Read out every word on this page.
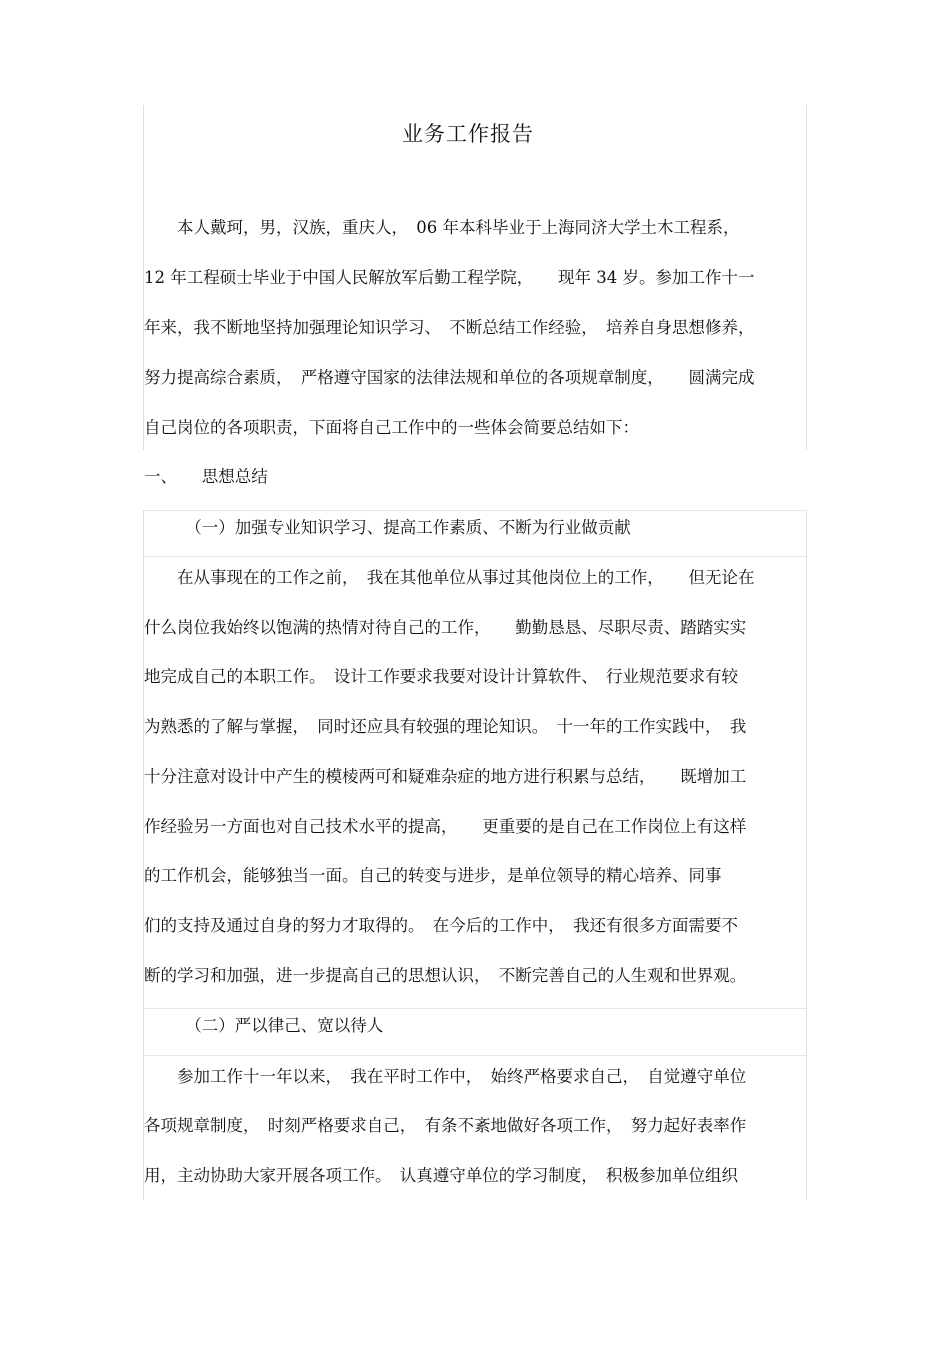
业务工作报告
　　本人戴珂，男，汉族，重庆人，　06 年本科毕业于上海同济大学土木工程系，
12 年工程硕士毕业于中国人民解放军后勤工程学院，　　现年 34 岁。参加工作十一
年来，我不断地坚持加强理论知识学习、　不断总结工作经验，　培养自身思想修养，
努力提高综合素质，　严格遵守国家的法律法规和单位的各项规章制度，　　圆满完成
自己岗位的各项职责，下面将自己工作中的一些体会简要总结如下：
一、　　思想总结
　　　（一）加强专业知识学习、提高工作素质、不断为行业做贡献
　　在从事现在的工作之前，　我在其他单位从事过其他岗位上的工作，　　但无论在
什么岗位我始终以饱满的热情对待自己的工作，　　勤勤恳恳、尽职尽责、踏踏实实
地完成自己的本职工作。　设计工作要求我要对设计计算软件、　行业规范要求有较
为熟悉的了解与掌握，　同时还应具有较强的理论知识。　十一年的工作实践中，　我
十分注意对设计中产生的模棱两可和疑难杂症的地方进行积累与总结，　　既增加工
作经验另一方面也对自己技术水平的提高，　　更重要的是自己在工作岗位上有这样
的工作机会，能够独当一面。自己的转变与进步，是单位领导的精心培养、同事
们的支持及通过自身的努力才取得的。　在今后的工作中，　我还有很多方面需要不
断的学习和加强，进一步提高自己的思想认识，　不断完善自己的人生观和世界观。
　　　（二）严以律己、宽以待人
　　参加工作十一年以来，　我在平时工作中，　始终严格要求自己，　自觉遵守单位
各项规章制度，　时刻严格要求自己，　有条不紊地做好各项工作，　努力起好表率作
用，主动协助大家开展各项工作。　认真遵守单位的学习制度，　积极参加单位组织
